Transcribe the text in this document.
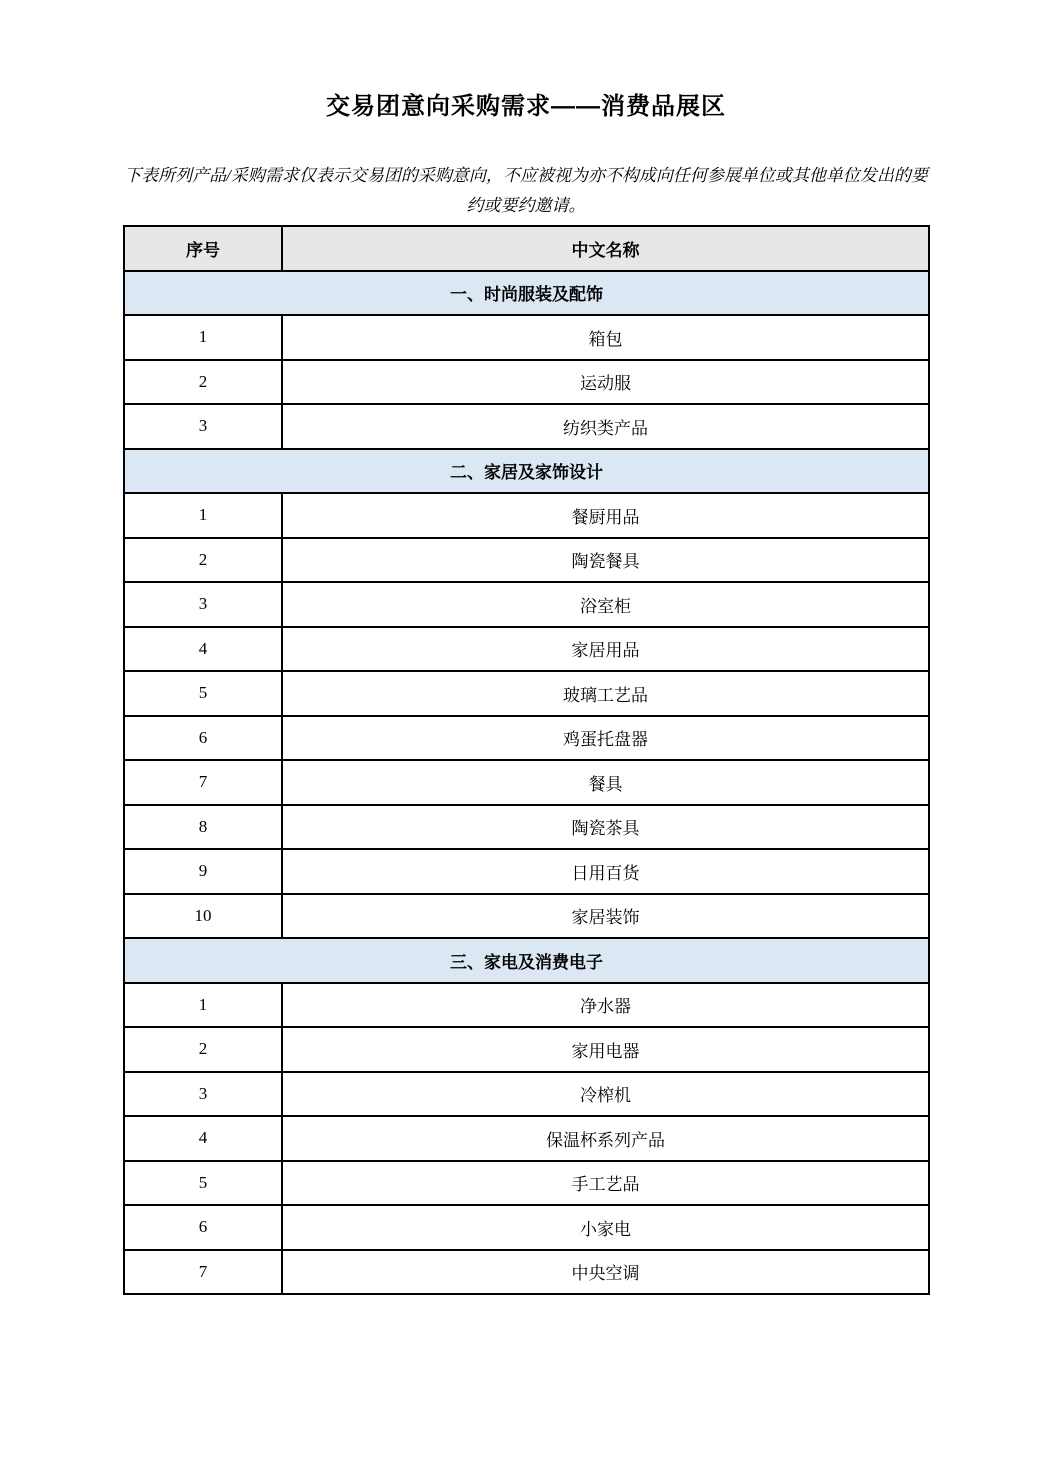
交易团意向采购需求——消费品展区
下表所列产品/采购需求仅表示交易团的采购意向，不应被视为亦不构成向任何参展单位或其他单位发出的要约或要约邀请。
序号	中文名称
一、时尚服装及配饰	
1	箱包
2	运动服
3	纺织类产品
二、家居及家饰设计	
1	餐厨用品
2	陶瓷餐具
3	浴室柜
4	家居用品
5	玻璃工艺品
6	鸡蛋托盘器
7	餐具
8	陶瓷茶具
9	日用百货
10	家居装饰
三、家电及消费电子	
1	净水器
2	家用电器
3	冷榨机
4	保温杯系列产品
5	手工艺品
6	小家电
7	中央空调
